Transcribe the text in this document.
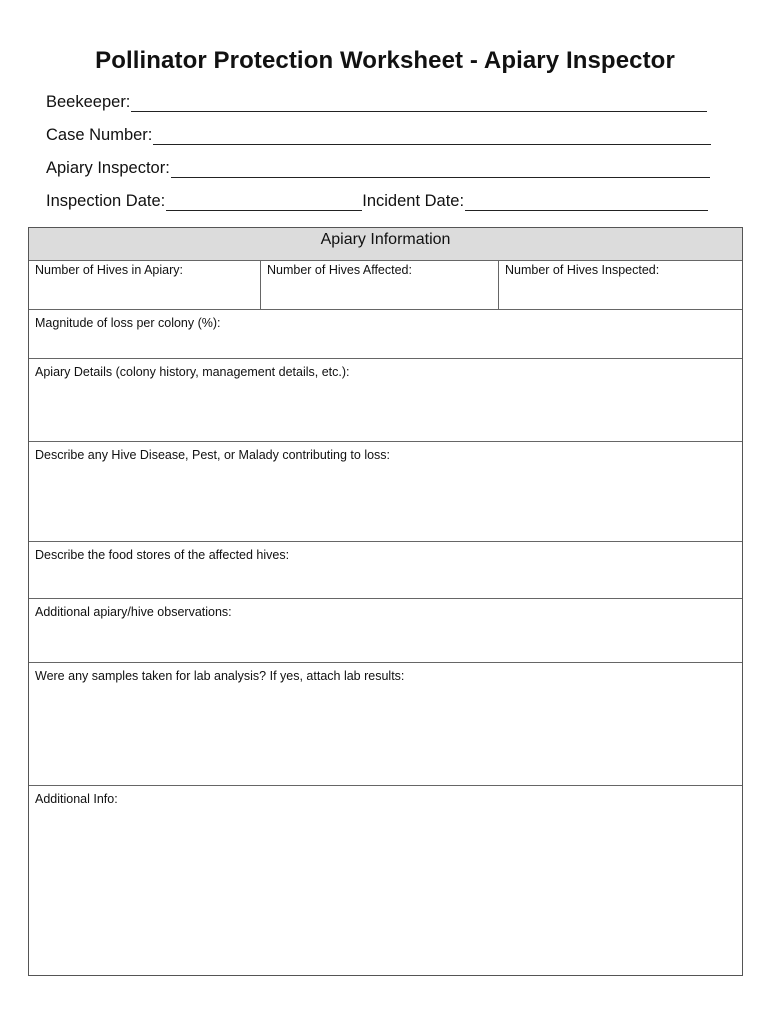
Pollinator Protection Worksheet - Apiary Inspector
Beekeeper:
Case Number:
Apiary Inspector:
Inspection Date:	Incident Date:
Apiary Information
Number of Hives in Apiary:	Number of Hives Affected:	Number of Hives Inspected:
Magnitude of loss per colony (%):
Apiary Details (colony history, management details, etc.):
Describe any Hive Disease, Pest, or Malady contributing to loss:
Describe the food stores of the affected hives:
Additional apiary/hive observations:
Were any samples taken for lab analysis? If yes, attach lab results:
Additional Info:
